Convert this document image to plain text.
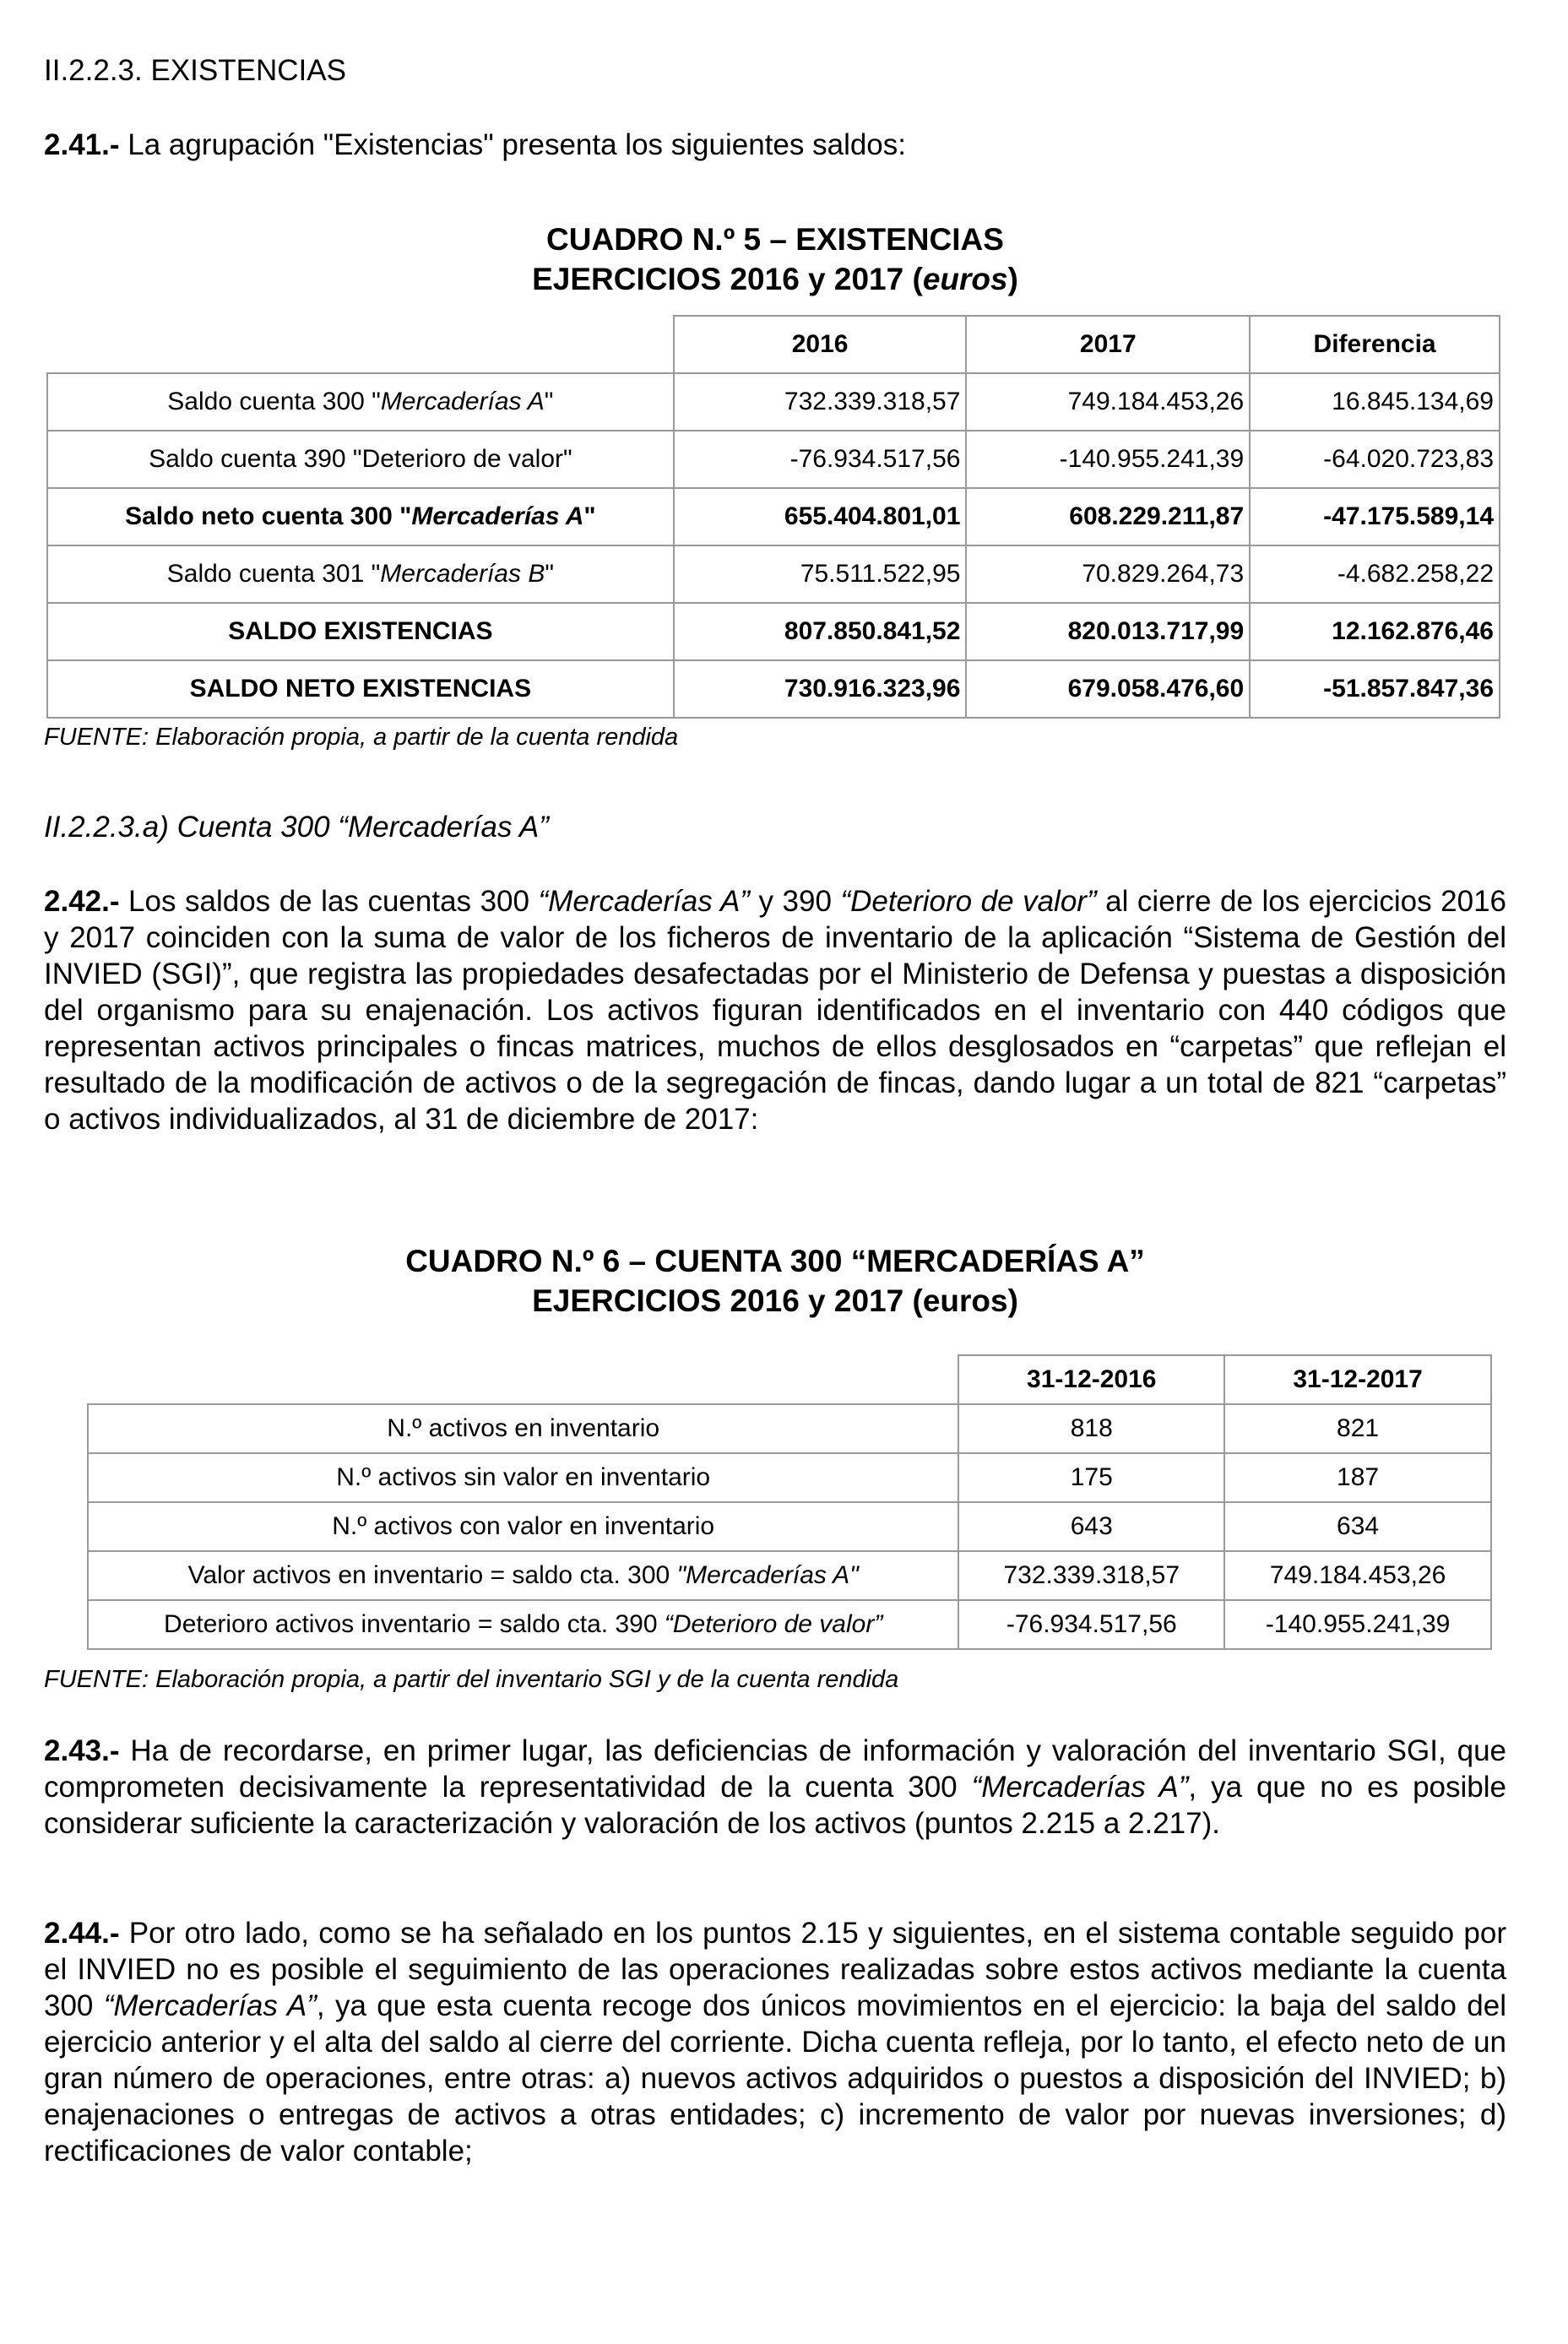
II.2.2.3. EXISTENCIAS

2.41.- La agrupación "Existencias" presenta los siguientes saldos:

CUADRO N.º 5 – EXISTENCIAS
EJERCICIOS 2016 y 2017 (euros)
	2016	2017	Diferencia
Saldo cuenta 300 "Mercaderías A"	732.339.318,57	749.184.453,26	16.845.134,69
Saldo cuenta 390 "Deterioro de valor"	-76.934.517,56	-140.955.241,39	-64.020.723,83
Saldo neto cuenta 300 "Mercaderías A"	655.404.801,01	608.229.211,87	-47.175.589,14
Saldo cuenta 301 "Mercaderías B"	75.511.522,95	70.829.264,73	-4.682.258,22
SALDO EXISTENCIAS	807.850.841,52	820.013.717,99	12.162.876,46
SALDO NETO EXISTENCIAS	730.916.323,96	679.058.476,60	-51.857.847,36
FUENTE: Elaboración propia, a partir de la cuenta rendida
II.2.2.3.a) Cuenta 300 “Mercaderías A”

2.42.- Los saldos de las cuentas 300 “Mercaderías A” y 390 “Deterioro de valor” al cierre de los ejercicios 2016 y 2017 coinciden con la suma de valor de los ficheros de inventario de la aplicación “Sistema de Gestión del INVIED (SGI)”, que registra las propiedades desafectadas por el Ministerio de Defensa y puestas a disposición del organismo para su enajenación. Los activos figuran identificados en el inventario con 440 códigos que representan activos principales o fincas matrices, muchos de ellos desglosados en “carpetas” que reflejan el resultado de la modificación de activos o de la segregación de fincas, dando lugar a un total de 821 “carpetas” o activos individualizados, al 31 de diciembre de 2017:

CUADRO N.º 6 – CUENTA 300 “MERCADERÍAS A”
EJERCICIOS 2016 y 2017 (euros)
	31-12-2016	31-12-2017
N.º activos en inventario	818	821
N.º activos sin valor en inventario	175	187
N.º activos con valor en inventario	643	634
Valor activos en inventario = saldo cta. 300 "Mercaderías A"	732.339.318,57	749.184.453,26
Deterioro activos inventario = saldo cta. 390 “Deterioro de valor”	-76.934.517,56	-140.955.241,39
FUENTE: Elaboración propia, a partir del inventario SGI y de la cuenta rendida

2.43.- Ha de recordarse, en primer lugar, las deficiencias de información y valoración del inventario SGI, que comprometen decisivamente la representatividad de la cuenta 300 “Mercaderías A”, ya que no es posible considerar suficiente la caracterización y valoración de los activos (puntos 2.215 a 2.217).

2.44.- Por otro lado, como se ha señalado en los puntos 2.15 y siguientes, en el sistema contable seguido por el INVIED no es posible el seguimiento de las operaciones realizadas sobre estos activos mediante la cuenta 300 “Mercaderías A”, ya que esta cuenta recoge dos únicos movimientos en el ejercicio: la baja del saldo del ejercicio anterior y el alta del saldo al cierre del corriente. Dicha cuenta refleja, por lo tanto, el efecto neto de un gran número de operaciones, entre otras: a) nuevos activos adquiridos o puestos a disposición del INVIED; b) enajenaciones o entregas de activos a otras entidades; c) incremento de valor por nuevas inversiones; d) rectificaciones de valor contable;
